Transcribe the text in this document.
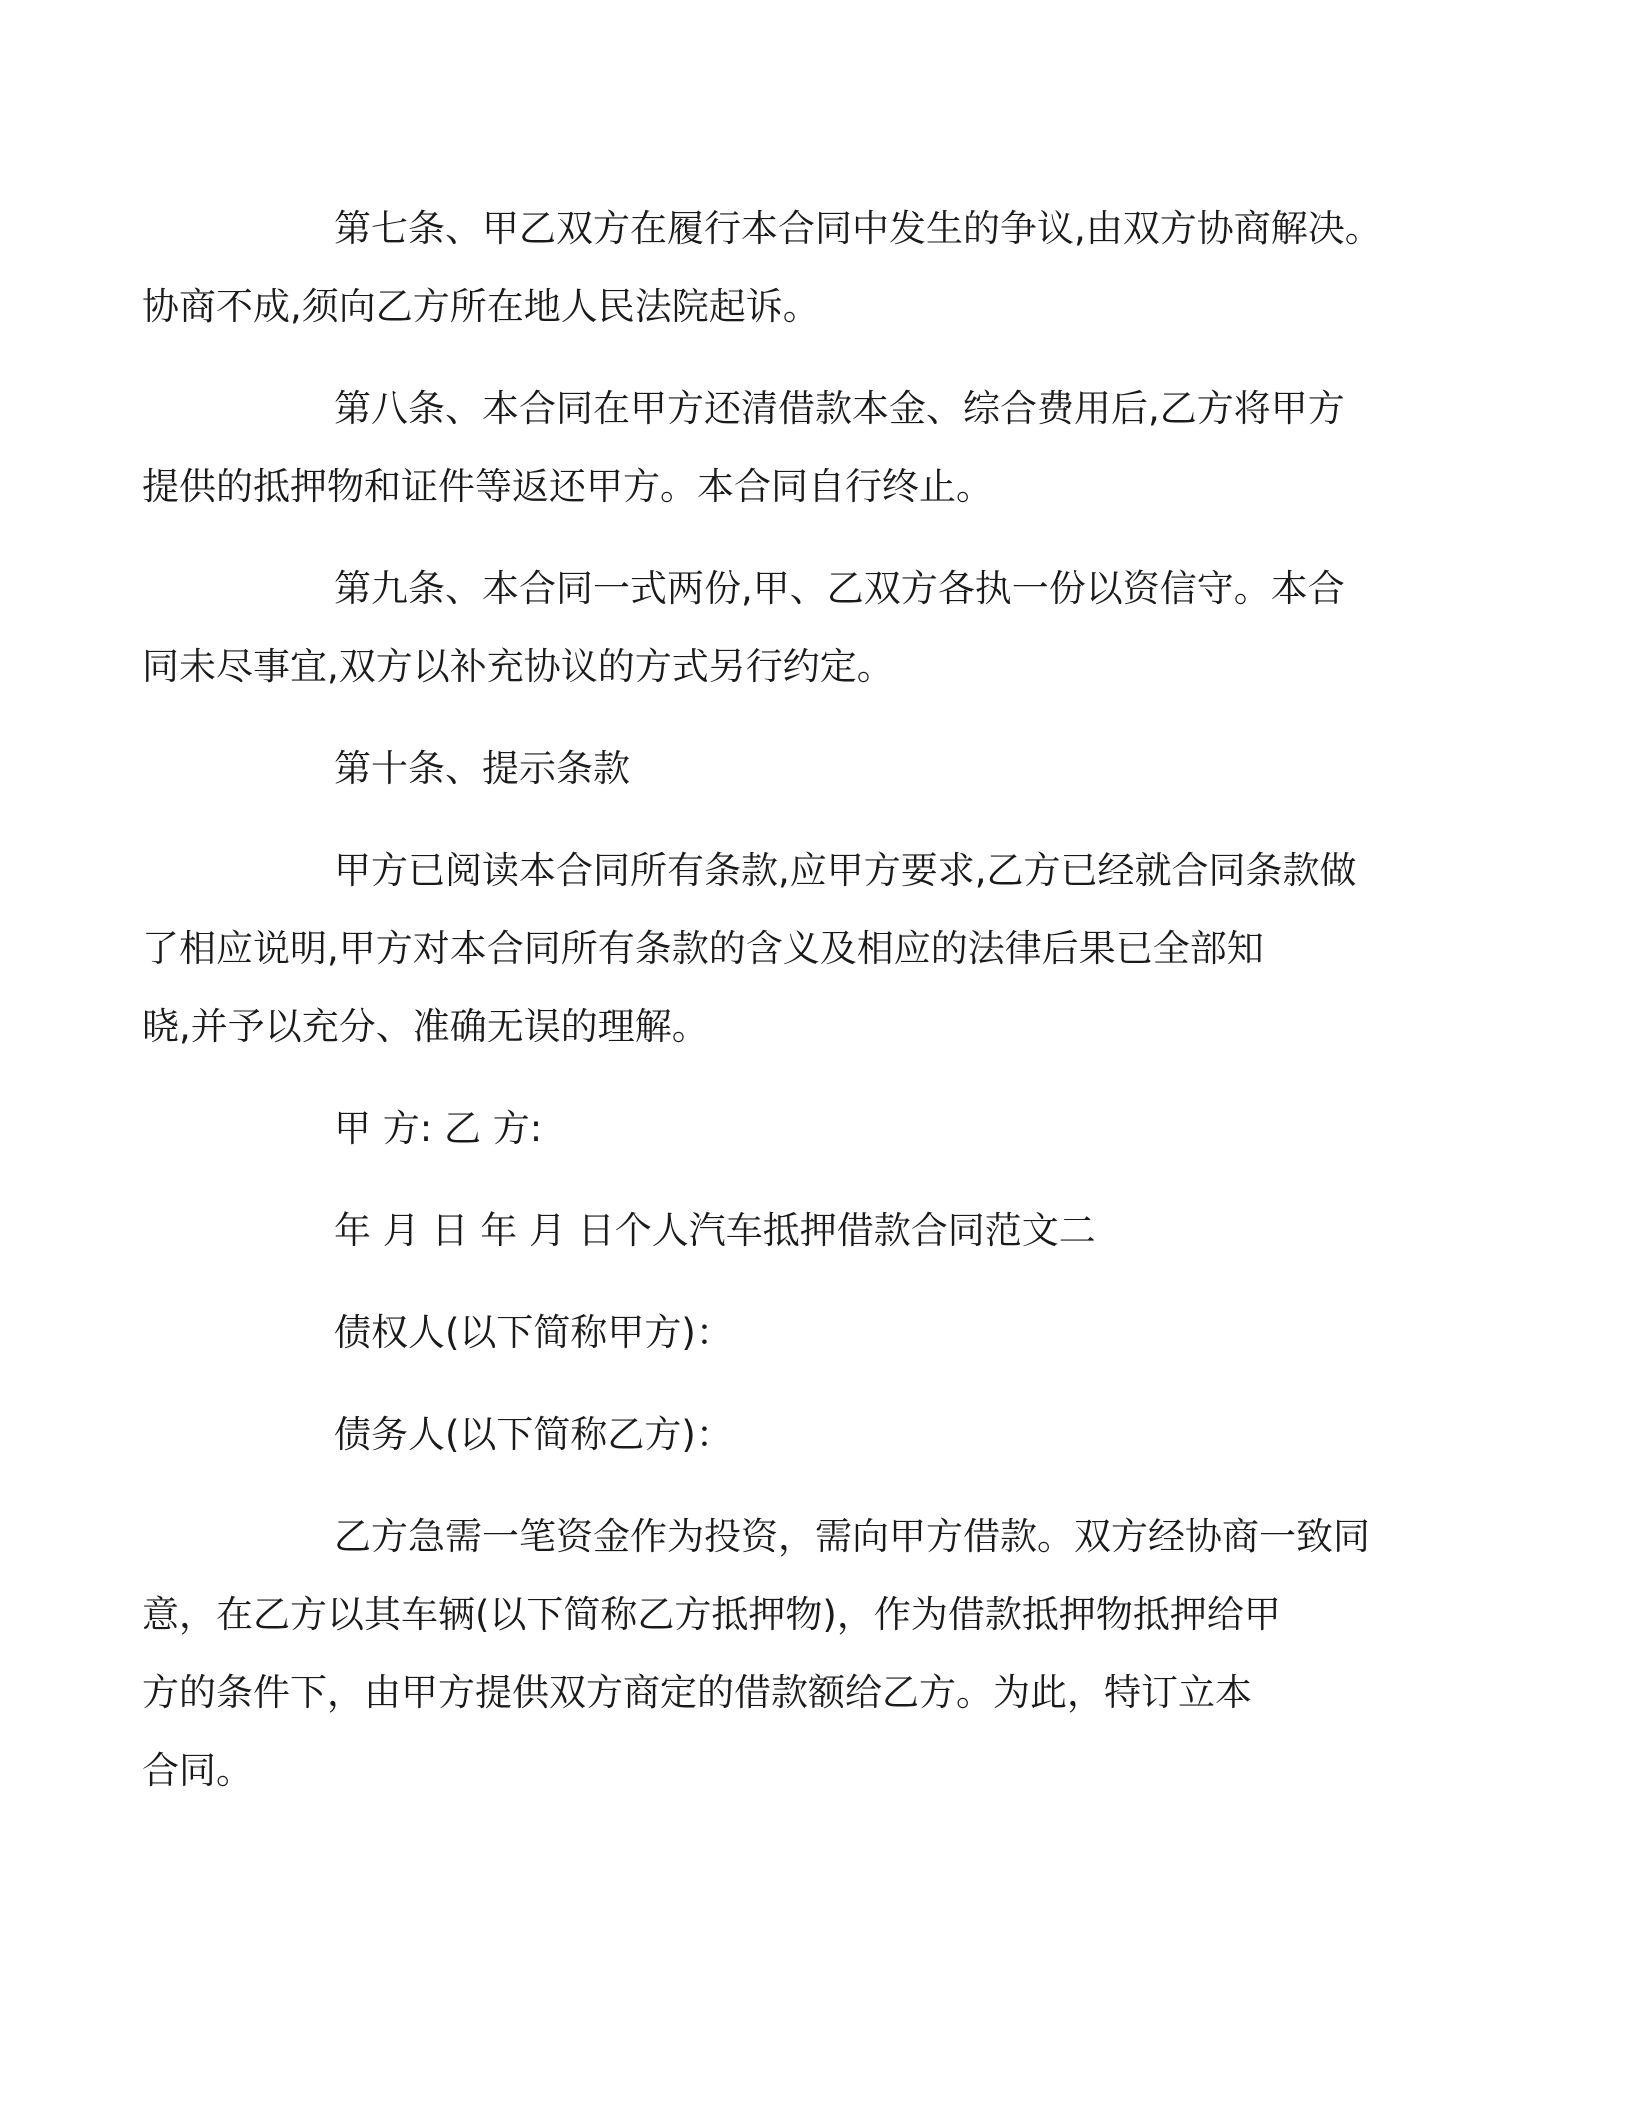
第七条、甲乙双方在履行本合同中发生的争议,由双方协商解决。
协商不成,须向乙方所在地人民法院起诉。

第八条、本合同在甲方还清借款本金、综合费用后,乙方将甲方
提供的抵押物和证件等返还甲方。本合同自行终止。

第九条、本合同一式两份,甲、乙双方各执一份以资信守。本合
同未尽事宜,双方以补充协议的方式另行约定。

第十条、提示条款

甲方已阅读本合同所有条款,应甲方要求,乙方已经就合同条款做
了相应说明,甲方对本合同所有条款的含义及相应的法律后果已全部知
晓,并予以充分、准确无误的理解。

甲 方: 乙 方:

年 月 日 年 月 日个人汽车抵押借款合同范文二

债权人(以下简称甲方)：

债务人(以下简称乙方)：

乙方急需一笔资金作为投资，需向甲方借款。双方经协商一致同
意，在乙方以其车辆(以下简称乙方抵押物)，作为借款抵押物抵押给甲
方的条件下，由甲方提供双方商定的借款额给乙方。为此，特订立本
合同。
